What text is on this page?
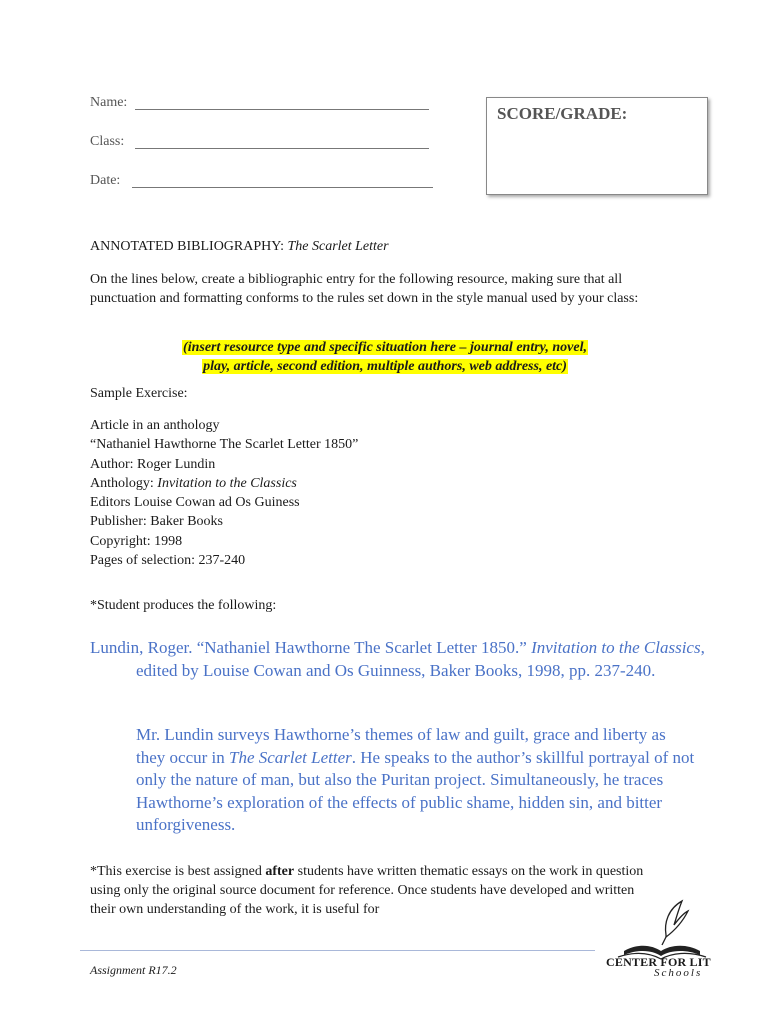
Name:
Class:
Date:
SCORE/GRADE:
ANNOTATED BIBLIOGRAPHY: The Scarlet Letter
On the lines below, create a bibliographic entry for the following resource, making sure that all punctuation and formatting conforms to the rules set down in the style manual used by your class:
(insert resource type and specific situation here – journal entry, novel,
play, article, second edition, multiple authors, web address, etc)
Sample Exercise:
Article in an anthology
“Nathaniel Hawthorne The Scarlet Letter 1850”
Author: Roger Lundin
Anthology: Invitation to the Classics
Editors Louise Cowan ad Os Guiness
Publisher: Baker Books
Copyright: 1998
Pages of selection: 237-240
*Student produces the following:
Lundin, Roger. “Nathaniel Hawthorne The Scarlet Letter 1850.” Invitation to the Classics, edited by Louise Cowan and Os Guinness, Baker Books, 1998, pp. 237-240.
Mr. Lundin surveys Hawthorne’s themes of law and guilt, grace and liberty as they occur in The Scarlet Letter. He speaks to the author’s skillful portrayal of not only the nature of man, but also the Puritan project. Simultaneously, he traces Hawthorne’s exploration of the effects of public shame, hidden sin, and bitter unforgiveness.
*This exercise is best assigned after students have written thematic essays on the work in question using only the original source document for reference. Once students have developed and written their own understanding of the work, it is useful for
Assignment R17.2
CENTER FOR LIT
Schools
